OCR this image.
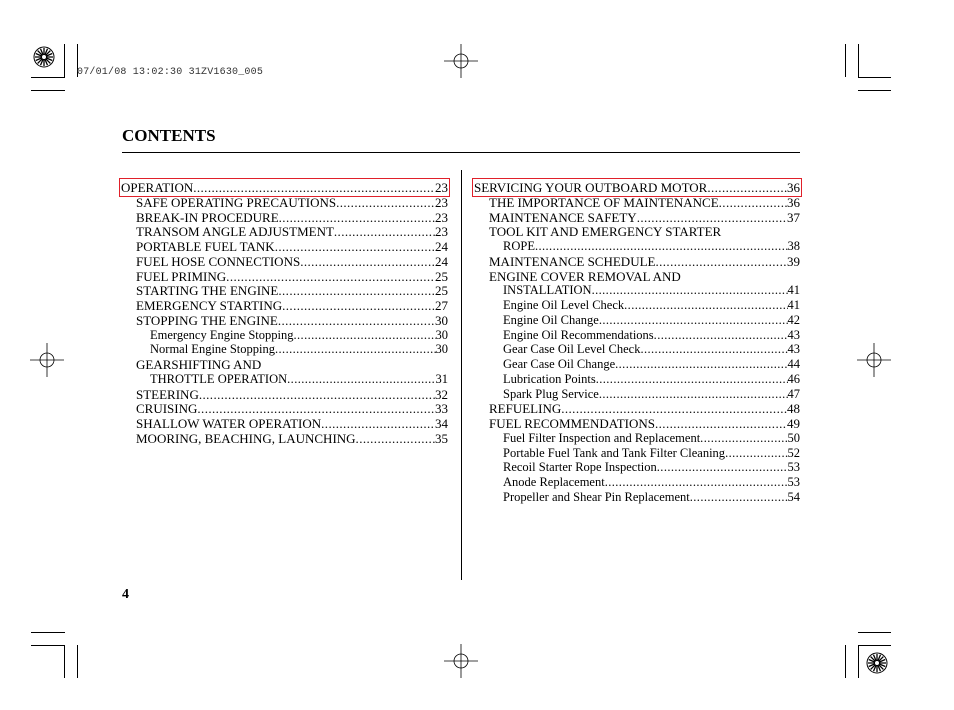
07/01/08 13:02:30 31ZV1630_005
CONTENTS
OPERATION .....	23
SAFE OPERATING PRECAUTIONS .....	23
BREAK-IN PROCEDURE .....	23
TRANSOM ANGLE ADJUSTMENT .....	23
PORTABLE FUEL TANK .....	24
FUEL HOSE CONNECTIONS .....	24
FUEL PRIMING .....	25
STARTING THE ENGINE .....	25
EMERGENCY STARTING .....	27
STOPPING THE ENGINE .....	30
Emergency Engine Stopping .....	30
Normal Engine Stopping .....	30
GEARSHIFTING AND
THROTTLE OPERATION .....	31
STEERING .....	32
CRUISING .....	33
SHALLOW WATER OPERATION .....	34
MOORING, BEACHING, LAUNCHING .....	35
SERVICING YOUR OUTBOARD MOTOR .....	36
THE IMPORTANCE OF MAINTENANCE .....	36
MAINTENANCE SAFETY .....	37
TOOL KIT AND EMERGENCY STARTER
ROPE .....	38
MAINTENANCE SCHEDULE .....	39
ENGINE COVER REMOVAL AND
INSTALLATION .....	41
Engine Oil Level Check .....	41
Engine Oil Change .....	42
Engine Oil Recommendations .....	43
Gear Case Oil Level Check .....	43
Gear Case Oil Change .....	44
Lubrication Points .....	46
Spark Plug Service .....	47
REFUELING .....	48
FUEL RECOMMENDATIONS .....	49
Fuel Filter Inspection and Replacement .....	50
Portable Fuel Tank and Tank Filter Cleaning .....	52
Recoil Starter Rope Inspection .....	53
Anode Replacement .....	53
Propeller and Shear Pin Replacement .....	54
4
